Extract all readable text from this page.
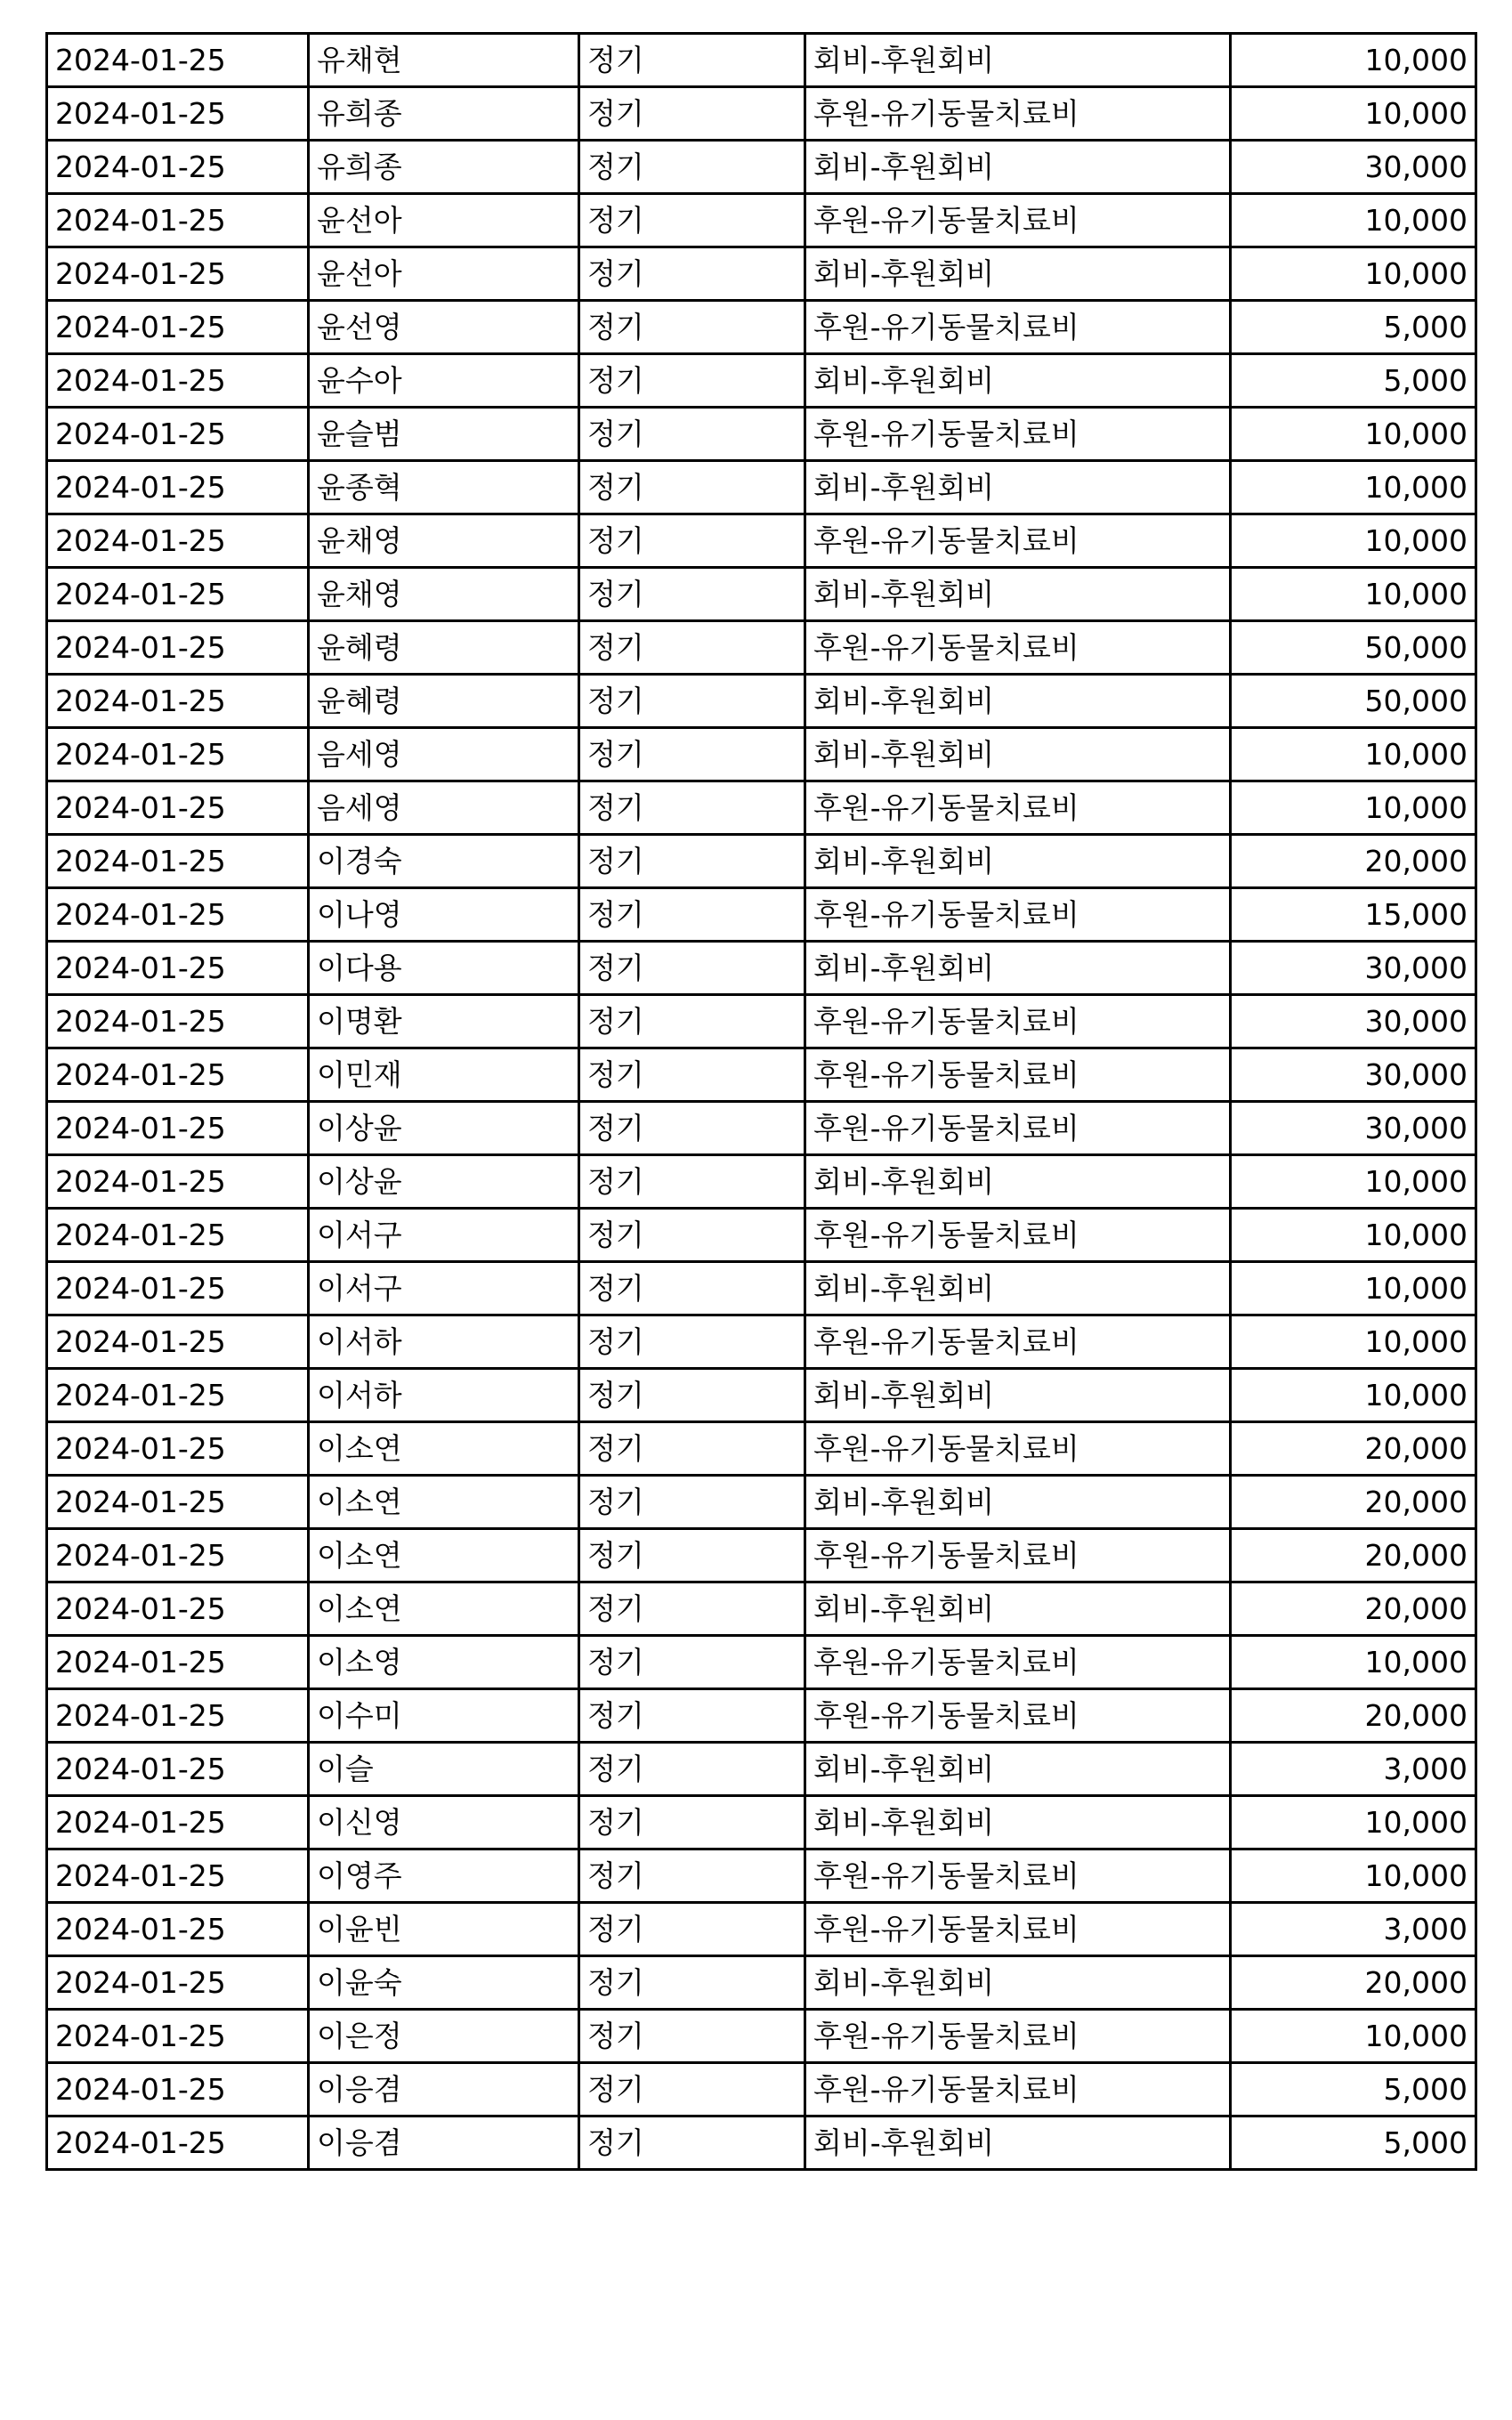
2024-01-25	유채현	정기	회비-후원회비	10,000
2024-01-25	유희종	정기	후원-유기동물치료비	10,000
2024-01-25	유희종	정기	회비-후원회비	30,000
2024-01-25	윤선아	정기	후원-유기동물치료비	10,000
2024-01-25	윤선아	정기	회비-후원회비	10,000
2024-01-25	윤선영	정기	후원-유기동물치료비	5,000
2024-01-25	윤수아	정기	회비-후원회비	5,000
2024-01-25	윤슬범	정기	후원-유기동물치료비	10,000
2024-01-25	윤종혁	정기	회비-후원회비	10,000
2024-01-25	윤채영	정기	후원-유기동물치료비	10,000
2024-01-25	윤채영	정기	회비-후원회비	10,000
2024-01-25	윤혜령	정기	후원-유기동물치료비	50,000
2024-01-25	윤혜령	정기	회비-후원회비	50,000
2024-01-25	음세영	정기	회비-후원회비	10,000
2024-01-25	음세영	정기	후원-유기동물치료비	10,000
2024-01-25	이경숙	정기	회비-후원회비	20,000
2024-01-25	이나영	정기	후원-유기동물치료비	15,000
2024-01-25	이다용	정기	회비-후원회비	30,000
2024-01-25	이명환	정기	후원-유기동물치료비	30,000
2024-01-25	이민재	정기	후원-유기동물치료비	30,000
2024-01-25	이상윤	정기	후원-유기동물치료비	30,000
2024-01-25	이상윤	정기	회비-후원회비	10,000
2024-01-25	이서구	정기	후원-유기동물치료비	10,000
2024-01-25	이서구	정기	회비-후원회비	10,000
2024-01-25	이서하	정기	후원-유기동물치료비	10,000
2024-01-25	이서하	정기	회비-후원회비	10,000
2024-01-25	이소연	정기	후원-유기동물치료비	20,000
2024-01-25	이소연	정기	회비-후원회비	20,000
2024-01-25	이소연	정기	후원-유기동물치료비	20,000
2024-01-25	이소연	정기	회비-후원회비	20,000
2024-01-25	이소영	정기	후원-유기동물치료비	10,000
2024-01-25	이수미	정기	후원-유기동물치료비	20,000
2024-01-25	이슬	정기	회비-후원회비	3,000
2024-01-25	이신영	정기	회비-후원회비	10,000
2024-01-25	이영주	정기	후원-유기동물치료비	10,000
2024-01-25	이윤빈	정기	후원-유기동물치료비	3,000
2024-01-25	이윤숙	정기	회비-후원회비	20,000
2024-01-25	이은정	정기	후원-유기동물치료비	10,000
2024-01-25	이응겸	정기	후원-유기동물치료비	5,000
2024-01-25	이응겸	정기	회비-후원회비	5,000
